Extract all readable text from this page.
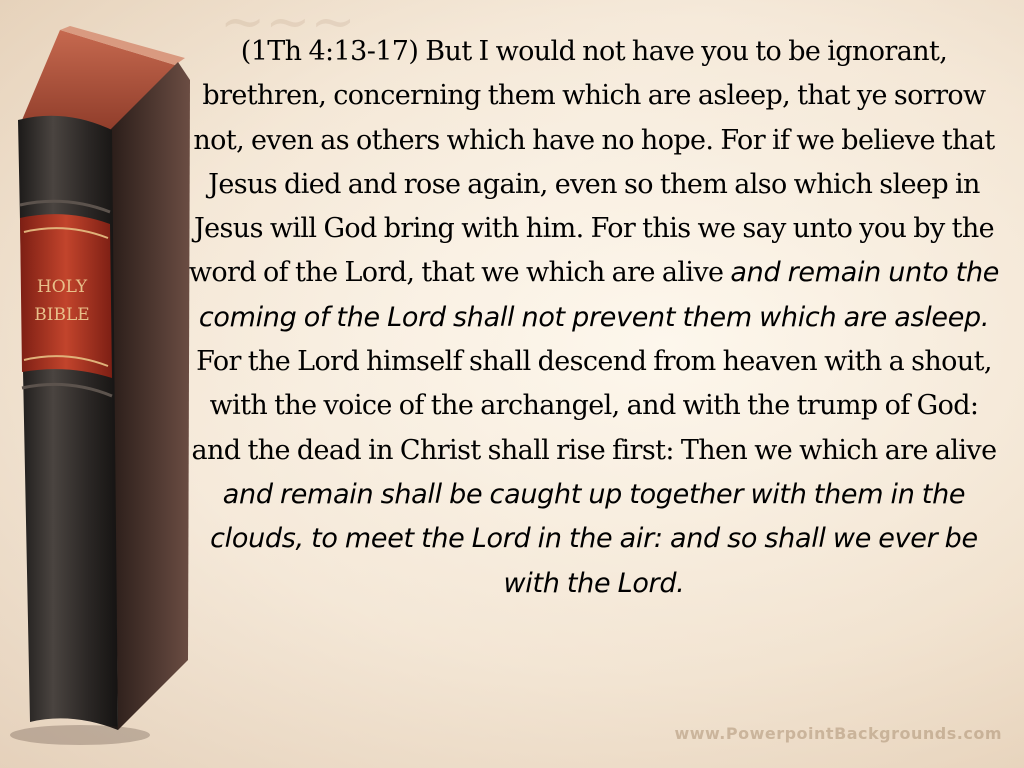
~~~
HOLY
BIBLE
(1Th 4:13-17) But I would not have you to be ignorant, brethren, concerning them which are asleep, that ye sorrow not, even as others which have no hope. For if we believe that Jesus died and rose again, even so them also which sleep in Jesus will God bring with him. For this we say unto you by the word of the Lord, that we which are alive and remain unto the coming of the Lord shall not prevent them which are asleep. For the Lord himself shall descend from heaven with a shout, with the voice of the archangel, and with the trump of God: and the dead in Christ shall rise first: Then we which are alive and remain shall be caught up together with them in the clouds, to meet the Lord in the air: and so shall we ever be with the Lord.
www.PowerpointBackgrounds.com
